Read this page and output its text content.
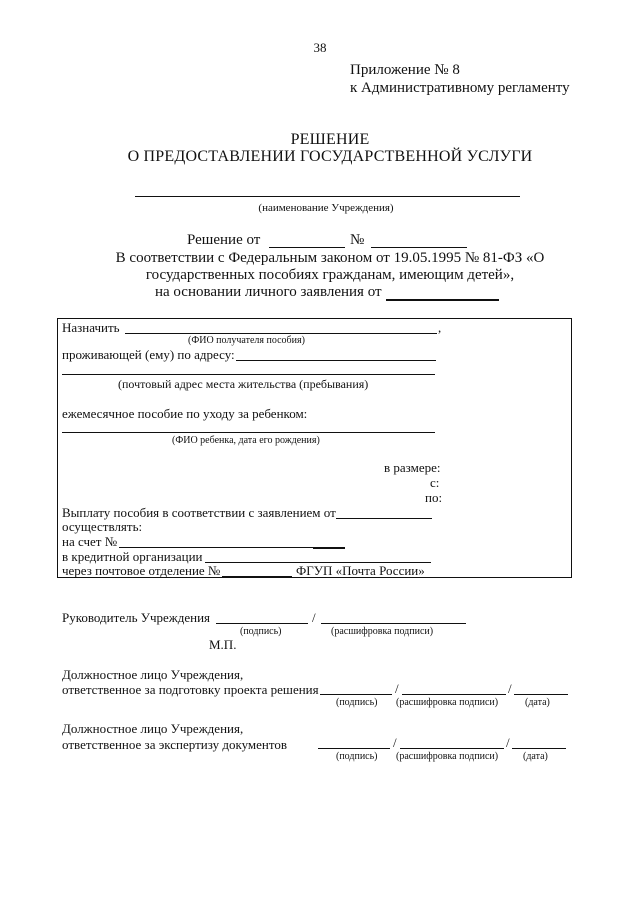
38
Приложение № 8
к Административному регламенту
РЕШЕНИЕ
О ПРЕДОСТАВЛЕНИИ ГОСУДАРСТВЕННОЙ УСЛУГИ
(наименование Учреждения)
Решение от	№
В соответствии с Федеральным законом от 19.05.1995 № 81-ФЗ «О
государственных пособиях гражданам, имеющим детей»,
на основании личного заявления от
Назначить	,
(ФИО получателя пособия)
проживающей (ему) по адресу:
(почтовый адрес места жительства (пребывания)
ежемесячное пособие по уходу за ребенком:
(ФИО ребенка, дата его рождения)
в размере:
с:
по:
Выплату пособия в соответствии с заявлением от
осуществлять:
на счет №
в кредитной организации
через почтовое отделение №	ФГУП «Почта России»
Руководитель Учреждения	/
(подпись)	(расшифровка подписи)
М.П.
Должностное лицо Учреждения,
ответственное за подготовку проекта решения	/	/
(подпись) (расшифровка подписи)	(дата)
Должностное лицо Учреждения,
ответственное за экспертизу документов	/	/
(подпись) (расшифровка подписи) (дата)
